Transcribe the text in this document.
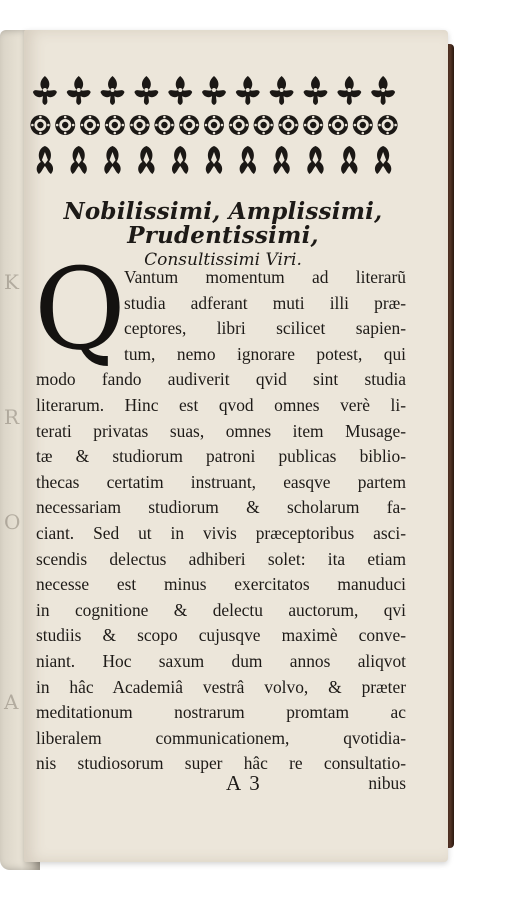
K
R
O
A
Nobilissimi, Amplissimi, Prudentissimi,
Consultissimi Viri.
Q
Vantum momentum ad literarũ
studia adferant muti illi præ-
ceptores, libri scilicet sapien-
tum, nemo ignorare potest, qui
modo fando audiverit qvid sint studia
literarum. Hinc est qvod omnes verè li-
terati privatas suas, omnes item Musage-
tæ & studiorum patroni publicas biblio-
thecas certatim instruant, easqve partem
necessariam studiorum & scholarum fa-
ciant. Sed ut in vivis præceptoribus asci-
scendis delectus adhiberi solet: ita etiam
necesse est minus exercitatos manuduci
in cognitione & delectu auctorum, qvi
studiis & scopo cujusqve maximè conve-
niant. Hoc saxum dum annos aliqvot
in hâc Academiâ vestrâ volvo, & præter
meditationum nostrarum promtam ac
liberalem communicationem, qvotidia-
nis studiosorum super hâc re consultatio-
A 3	nibus
